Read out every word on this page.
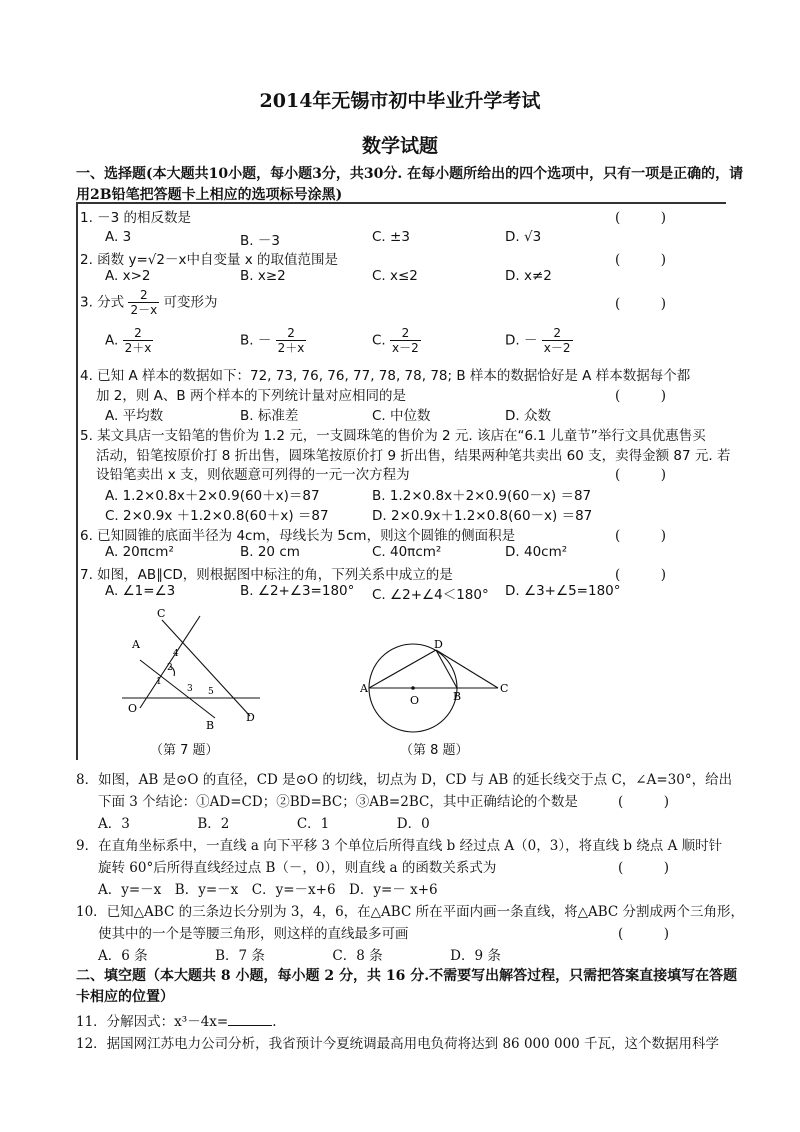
2014年无锡市初中毕业升学考试
数学试题
一、选择题(本大题共10小题，每小题3分，共30分. 在每小题所给出的四个选项中，只有一项是正确的，请
用2B铅笔把答题卡上相应的选项标号涂黑)
1. －3 的相反数是	(　　　)
A. 3	B. －3	C. ±3	D. √3
2. 函数 y=√2－x中自变量 x 的取值范围是	(　　　)
A. x>2	B. x≥2	C. x≤2	D. x≠2
3. 分式 $\frac{2}{2-x}$ 可变形为	(　　　)
A. $\frac{2}{2+x}$	B. － $\frac{2}{2+x}$	C. $\frac{2}{x-2}$	D. － $\frac{2}{x-2}$
4. 已知 A 样本的数据如下：72, 73, 76, 76, 77, 78, 78, 78; B 样本的数据恰好是 A 样本数据每个都
加 2，则 A、B 两个样本的下列统计量对应相同的是	(　　　)
A. 平均数	B. 标准差	C. 中位数	D. 众数
5. 某文具店一支铅笔的售价为 1.2 元，一支圆珠笔的售价为 2 元. 该店在“6.1 儿童节”举行文具优惠售买
活动，铅笔按原价打 8 折出售，圆珠笔按原价打 9 折出售，结果两种笔共卖出 60 支，卖得金额 87 元. 若
设铅笔卖出 x 支，则依题意可列得的一元一次方程为	(　　　)
A. 1.2×0.8x＋2×0.9(60＋x)＝87	B. 1.2×0.8x＋2×0.9(60－x) ＝87
C. 2×0.9x ＋1.2×0.8(60＋x) ＝87	D. 2×0.9x＋1.2×0.8(60－x) ＝87
6. 已知圆锥的底面半径为 4cm，母线长为 5cm，则这个圆锥的侧面积是	(　　　)
A. 20πcm²	B. 20 cm	C. 40πcm²	D. 40cm²
7. 如图，AB∥CD，则根据图中标注的角，下列关系中成立的是	(　　　)
A. ∠1=∠3	B. ∠2+∠3=180° C. ∠2+∠4＜180° D. ∠3+∠5=180°
C
A
4
2
1
3 5
O
B
D
（第 7 题）
D
A
O	B
C
（第 8 题）
8．如图，AB 是⊙O 的直径，CD 是⊙O 的切线，切点为 D，CD 与 AB 的延长线交于点 C，∠A=30°，给出
下面 3 个结论：①AD=CD；②BD=BC；③AB=2BC，其中正确结论的个数是	(　　　)
A．3　　　　　B．2　　　　　C．1　　　　　D．0
9．在直角坐标系中，一直线 a 向下平移 3 个单位后所得直线 b 经过点 A（0，3），将直线 b 绕点 A 顺时针
旋转 60°后所得直线经过点 B（－，0），则直线 a 的函数关系式为	(　　　)
A．y=－x　B．y=－x　C．y=－x+6　D．y=－ x+6
10．已知△ABC 的三条边长分别为 3，4，6，在△ABC 所在平面内画一条直线，将△ABC 分割成两个三角形，
使其中的一个是等腰三角形，则这样的直线最多可画	(　　　)
A．6 条　　　　　B．7 条　　　　　C．8 条　　　　　D．9 条
二、填空题（本大题共 8 小题，每小题 2 分，共 16 分.不需要写出解答过程，只需把答案直接填写在答题
卡相应的位置）
11．分解因式：x³－4x=	.
12．据国网江苏电力公司分析，我省预计今夏统调最高用电负荷将达到 86 000 000 千瓦，这个数据用科学
